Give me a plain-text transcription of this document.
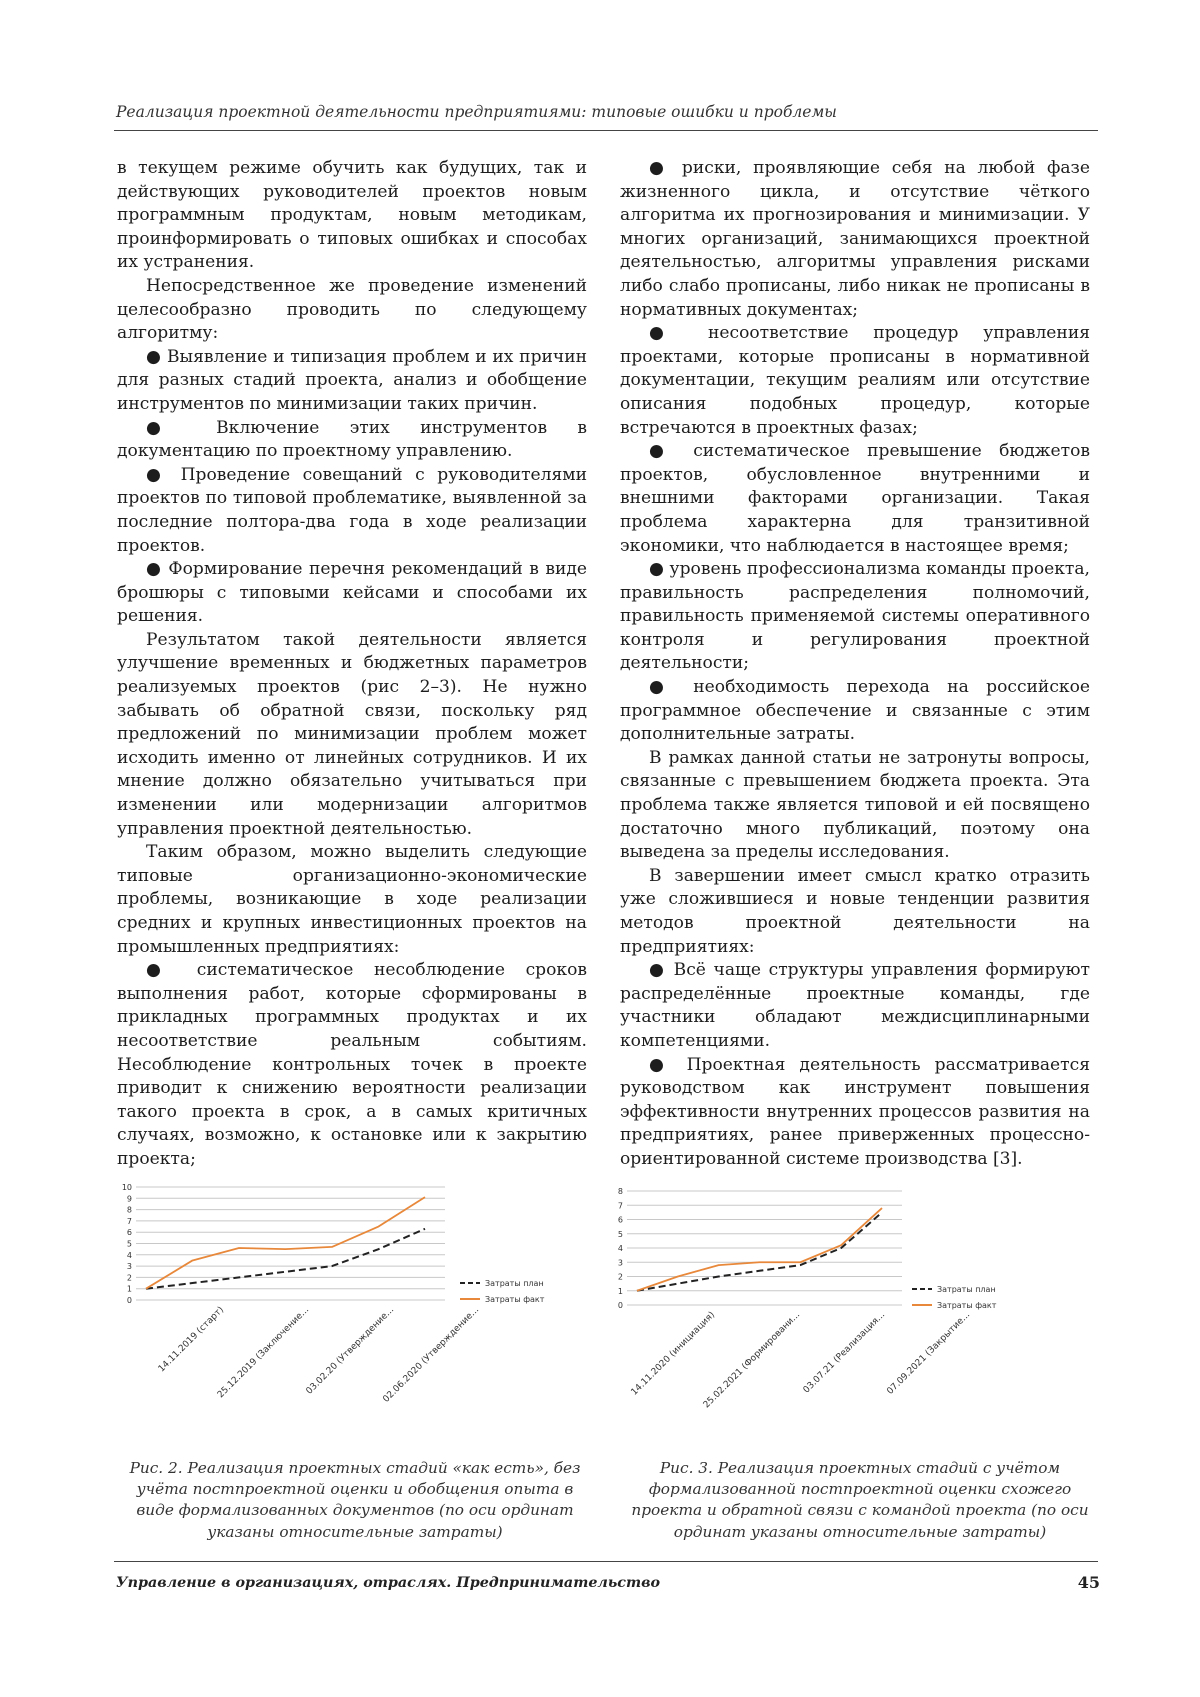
Реализация проектной деятельности предприятиями: типовые ошибки и проблемы

в текущем режиме обучить как будущих, так и действующих руководителей проектов новым программным продуктам, новым методикам, проинформировать о типовых ошибках и способах их устранения.

Непосредственное же проведение изменений целесообразно проводить по следующему алгоритму:

● Выявление и типизация проблем и их причин для разных стадий проекта, анализ и обобщение инструментов по минимизации таких причин.

● Включение этих инструментов в документацию по проектному управлению.

● Проведение совещаний с руководителями проектов по типовой проблематике, выявленной за последние полтора-два года в ходе реализации проектов.

● Формирование перечня рекомендаций в виде брошюры с типовыми кейсами и способами их решения.

Результатом такой деятельности является улучшение временных и бюджетных параметров реализуемых проектов (рис 2–3). Не нужно забывать об обратной связи, поскольку ряд предложений по минимизации проблем может исходить именно от линейных сотрудников. И их мнение должно обязательно учитываться при изменении или модернизации алгоритмов управления проектной деятельностью.

Таким образом, можно выделить следующие типовые организационно-экономические проблемы, возникающие в ходе реализации средних и крупных инвестиционных проектов на промышленных предприятиях:

● систематическое несоблюдение сроков выполнения работ, которые сформированы в прикладных программных продуктах и их несоответствие реальным событиям. Несоблюдение контрольных точек в проекте приводит к снижению вероятности реализации такого проекта в срок, а в самых критичных случаях, возможно, к остановке или к закрытию проекта;

● риски, проявляющие себя на любой фазе жизненного цикла, и отсутствие чёткого алгоритма их прогнозирования и минимизации. У многих организаций, занимающихся проектной деятельностью, алгоритмы управления рисками либо слабо прописаны, либо никак не прописаны в нормативных документах;

● несоответствие процедур управления проектами, которые прописаны в нормативной документации, текущим реалиям или отсутствие описания подобных процедур, которые встречаются в проектных фазах;

● систематическое превышение бюджетов проектов, обусловленное внутренними и внешними факторами организации. Такая проблема характерна для транзитивной экономики, что наблюдается в настоящее время;

● уровень профессионализма команды проекта, правильность распределения полномочий, правильность применяемой системы оперативного контроля и регулирования проектной деятельности;

● необходимость перехода на российское программное обеспечение и связанные с этим дополнительные затраты.

В рамках данной статьи не затронуты вопросы, связанные с превышением бюджета проекта. Эта проблема также является типовой и ей посвящено достаточно много публикаций, поэтому она выведена за пределы исследования.

В завершении имеет смысл кратко отразить уже сложившиеся и новые тенденции развития методов проектной деятельности на предприятиях:

● Всё чаще структуры управления формируют распределённые проектные команды, где участники обладают междисциплинарными компетенциями.

● Проектная деятельность рассматривается руководством как инструмент повышения эффективности внутренних процессов развития на предприятиях, ранее приверженных процессно-ориентированной системе производства [3].

10
9
8
7
6
5
4
3
2
1
0
Затраты план
Затраты факт
14.11.2019 (старт)
25.12.2019 (Заключение...
03.02.20 (Утверждение...
02.06.2020 (Утверждение...
8
7
6
5
4
3
2
1
0
Затраты план
Затраты факт
14.11.2020 (инициация)
25.02.2021 (Формировани... 03.07.21 (Реализация...
07.09.2021 (Закрытие...
Рис. 2. Реализация проектных стадий «как есть», без учёта постпроектной оценки и обобщения опыта в виде формализованных документов (по оси ординат указаны относительные затраты)
Рис. 3. Реализация проектных стадий с учётом формализованной постпроектной оценки схожего проекта и обратной связи с командой проекта (по оси ординат указаны относительные затраты)
Управление в организациях, отраслях. Предпринимательство	45
